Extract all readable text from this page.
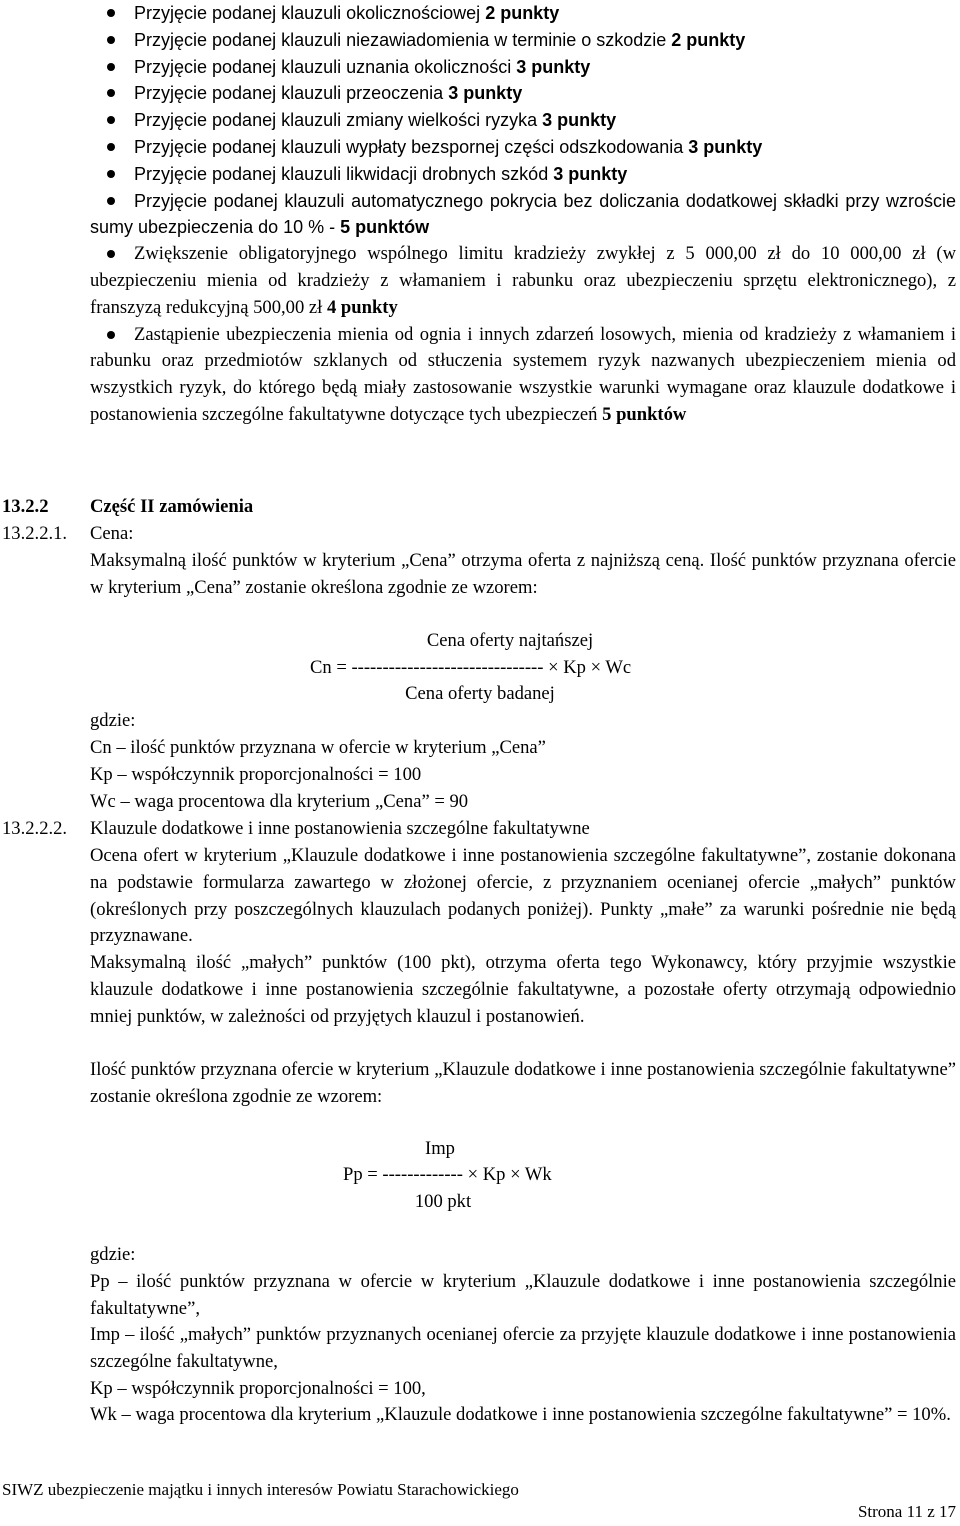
Przyjęcie podanej klauzuli okolicznościowej 2 punkty
Przyjęcie podanej klauzuli niezawiadomienia w terminie o szkodzie 2 punkty
Przyjęcie podanej klauzuli uznania okoliczności 3 punkty
Przyjęcie podanej klauzuli przeoczenia 3 punkty
Przyjęcie podanej klauzuli zmiany wielkości ryzyka 3 punkty
Przyjęcie podanej klauzuli wypłaty bezspornej części odszkodowania 3 punkty
Przyjęcie podanej klauzuli likwidacji drobnych szkód 3 punkty
Przyjęcie podanej klauzuli automatycznego pokrycia bez doliczania dodatkowej składki przy wzroście sumy ubezpieczenia do 10 % - 5 punktów
Zwiększenie obligatoryjnego wspólnego limitu kradzieży zwykłej z 5 000,00 zł do 10 000,00 zł (w ubezpieczeniu mienia od kradzieży z włamaniem i rabunku oraz ubezpieczeniu sprzętu elektronicznego), z franszyzą redukcyjną 500,00 zł 4 punkty
Zastąpienie ubezpieczenia mienia od ognia i innych zdarzeń losowych, mienia od kradzieży z włamaniem i rabunku oraz przedmiotów szklanych od stłuczenia systemem ryzyk nazwanych ubezpieczeniem mienia od wszystkich ryzyk, do którego będą miały zastosowanie wszystkie warunki wymagane oraz klauzule dodatkowe i postanowienia szczególne fakultatywne dotyczące tych ubezpieczeń 5 punktów
13.2.2 Część II zamówienia
13.2.2.1. Cena:
Maksymalną ilość punktów w kryterium „Cena” otrzyma oferta z najniższą ceną. Ilość punktów przyznana ofercie w kryterium „Cena” zostanie określona zgodnie ze wzorem:
Cena oferty najtańszej
Cn = ------------------------------- × Kp × Wc
Cena oferty badanej
gdzie:
Cn – ilość punktów przyznana w ofercie w kryterium „Cena”
Kp – współczynnik proporcjonalności = 100
Wc – waga procentowa dla kryterium „Cena” = 90
13.2.2.2. Klauzule dodatkowe i inne postanowienia szczególne fakultatywne
Ocena ofert w kryterium „Klauzule dodatkowe i inne postanowienia szczególne fakultatywne”, zostanie dokonana na podstawie formularza zawartego w złożonej ofercie, z przyznaniem ocenianej ofercie „małych” punktów (określonych przy poszczególnych klauzulach podanych poniżej). Punkty „małe” za warunki pośrednie nie będą przyznawane.
Maksymalną ilość „małych” punktów (100 pkt), otrzyma oferta tego Wykonawcy, który przyjmie wszystkie klauzule dodatkowe i inne postanowienia szczególnie fakultatywne, a pozostałe oferty otrzymają odpowiednio mniej punktów, w zależności od przyjętych klauzul i postanowień.
Ilość punktów przyznana ofercie w kryterium „Klauzule dodatkowe i inne postanowienia szczególnie fakultatywne” zostanie określona zgodnie ze wzorem:
Imp
Pp = ------------- × Kp × Wk
100 pkt
gdzie:
Pp – ilość punktów przyznana w ofercie w kryterium „Klauzule dodatkowe i inne postanowienia szczególnie fakultatywne”,
Imp – ilość „małych” punktów przyznanych ocenianej ofercie za przyjęte klauzule dodatkowe i inne postanowienia szczególne fakultatywne,
Kp – współczynnik proporcjonalności = 100,
Wk – waga procentowa dla kryterium „Klauzule dodatkowe i inne postanowienia szczególne fakultatywne” = 10%.
SIWZ ubezpieczenie majątku i innych interesów Powiatu Starachowickiego
Strona 11 z 17
